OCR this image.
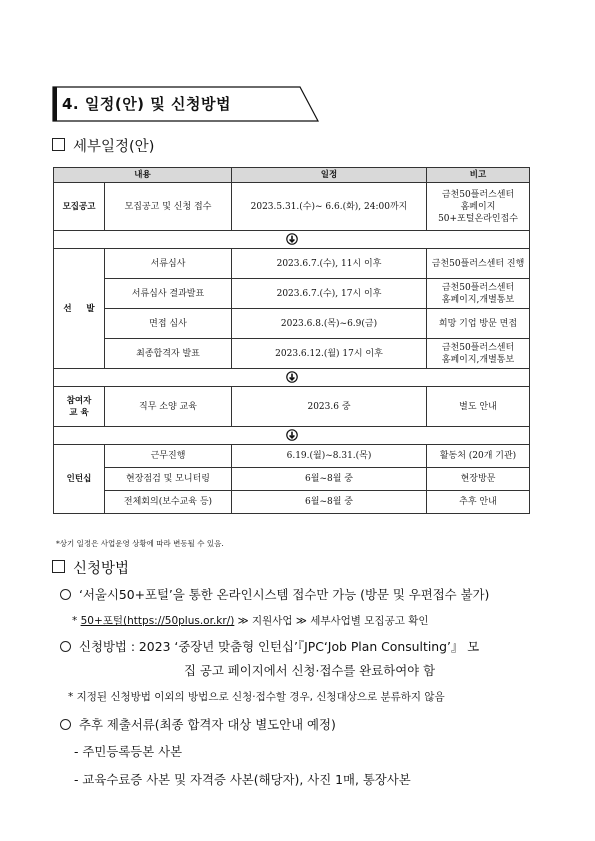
4. 일정(안) 및 신청방법
세부일정(안)
내용		일정	비고
모집공고	모집공고 및 신청 접수	2023.5.31.(수)~ 6.6.(화), 24:00까지	금천50플러스센터
홈페이지
50+포털온라인접수

선     발	서류심사	2023.6.7.(수), 11시 이후	금천50플러스센터 진행
	서류심사 결과발표	2023.6.7.(수), 17시 이후	금천50플러스센터
홈페이지,개별통보

	면접 심사	2023.6.8.(목)~6.9(금)	희망 기업 방문 면접
	최종합격자 발표	2023.6.12.(월) 17시 이후	금천50플러스센터
홈페이지,개별통보

참여자
교 육	직무 소양 교육	2023.6 중	별도 안내

인턴십	근무진행	6.19.(월)~8.31.(목)	활동처 (20개 기관)
	현장점검 및 모니터링	6월~8월 중	현장방문
	전체회의(보수교육 등)	6월~8월 중	추후 안내
*상기 일정은 사업운영 상황에 따라 변동될 수 있음.
신청방법
‘서울시50+포털’을 통한 온라인시스템 접수만 가능 (방문 및 우편접수 불가)
* 50+포털(https://50plus.or.kr/) ≫ 지원사업 ≫ 세부사업별 모집공고 확인
신청방법 : 2023 ‘중장년 맞춤형 인턴십’『JPC‘Job Plan Consulting’』 모
집 공고 페이지에서 신청·접수를 완료하여야 함
* 지정된 신청방법 이외의 방법으로 신청·접수할 경우, 신청대상으로 분류하지 않음
추후 제출서류(최종 합격자 대상 별도안내 예정)
- 주민등록등본 사본
- 교육수료증 사본 및 자격증 사본(해당자), 사진 1매, 통장사본
